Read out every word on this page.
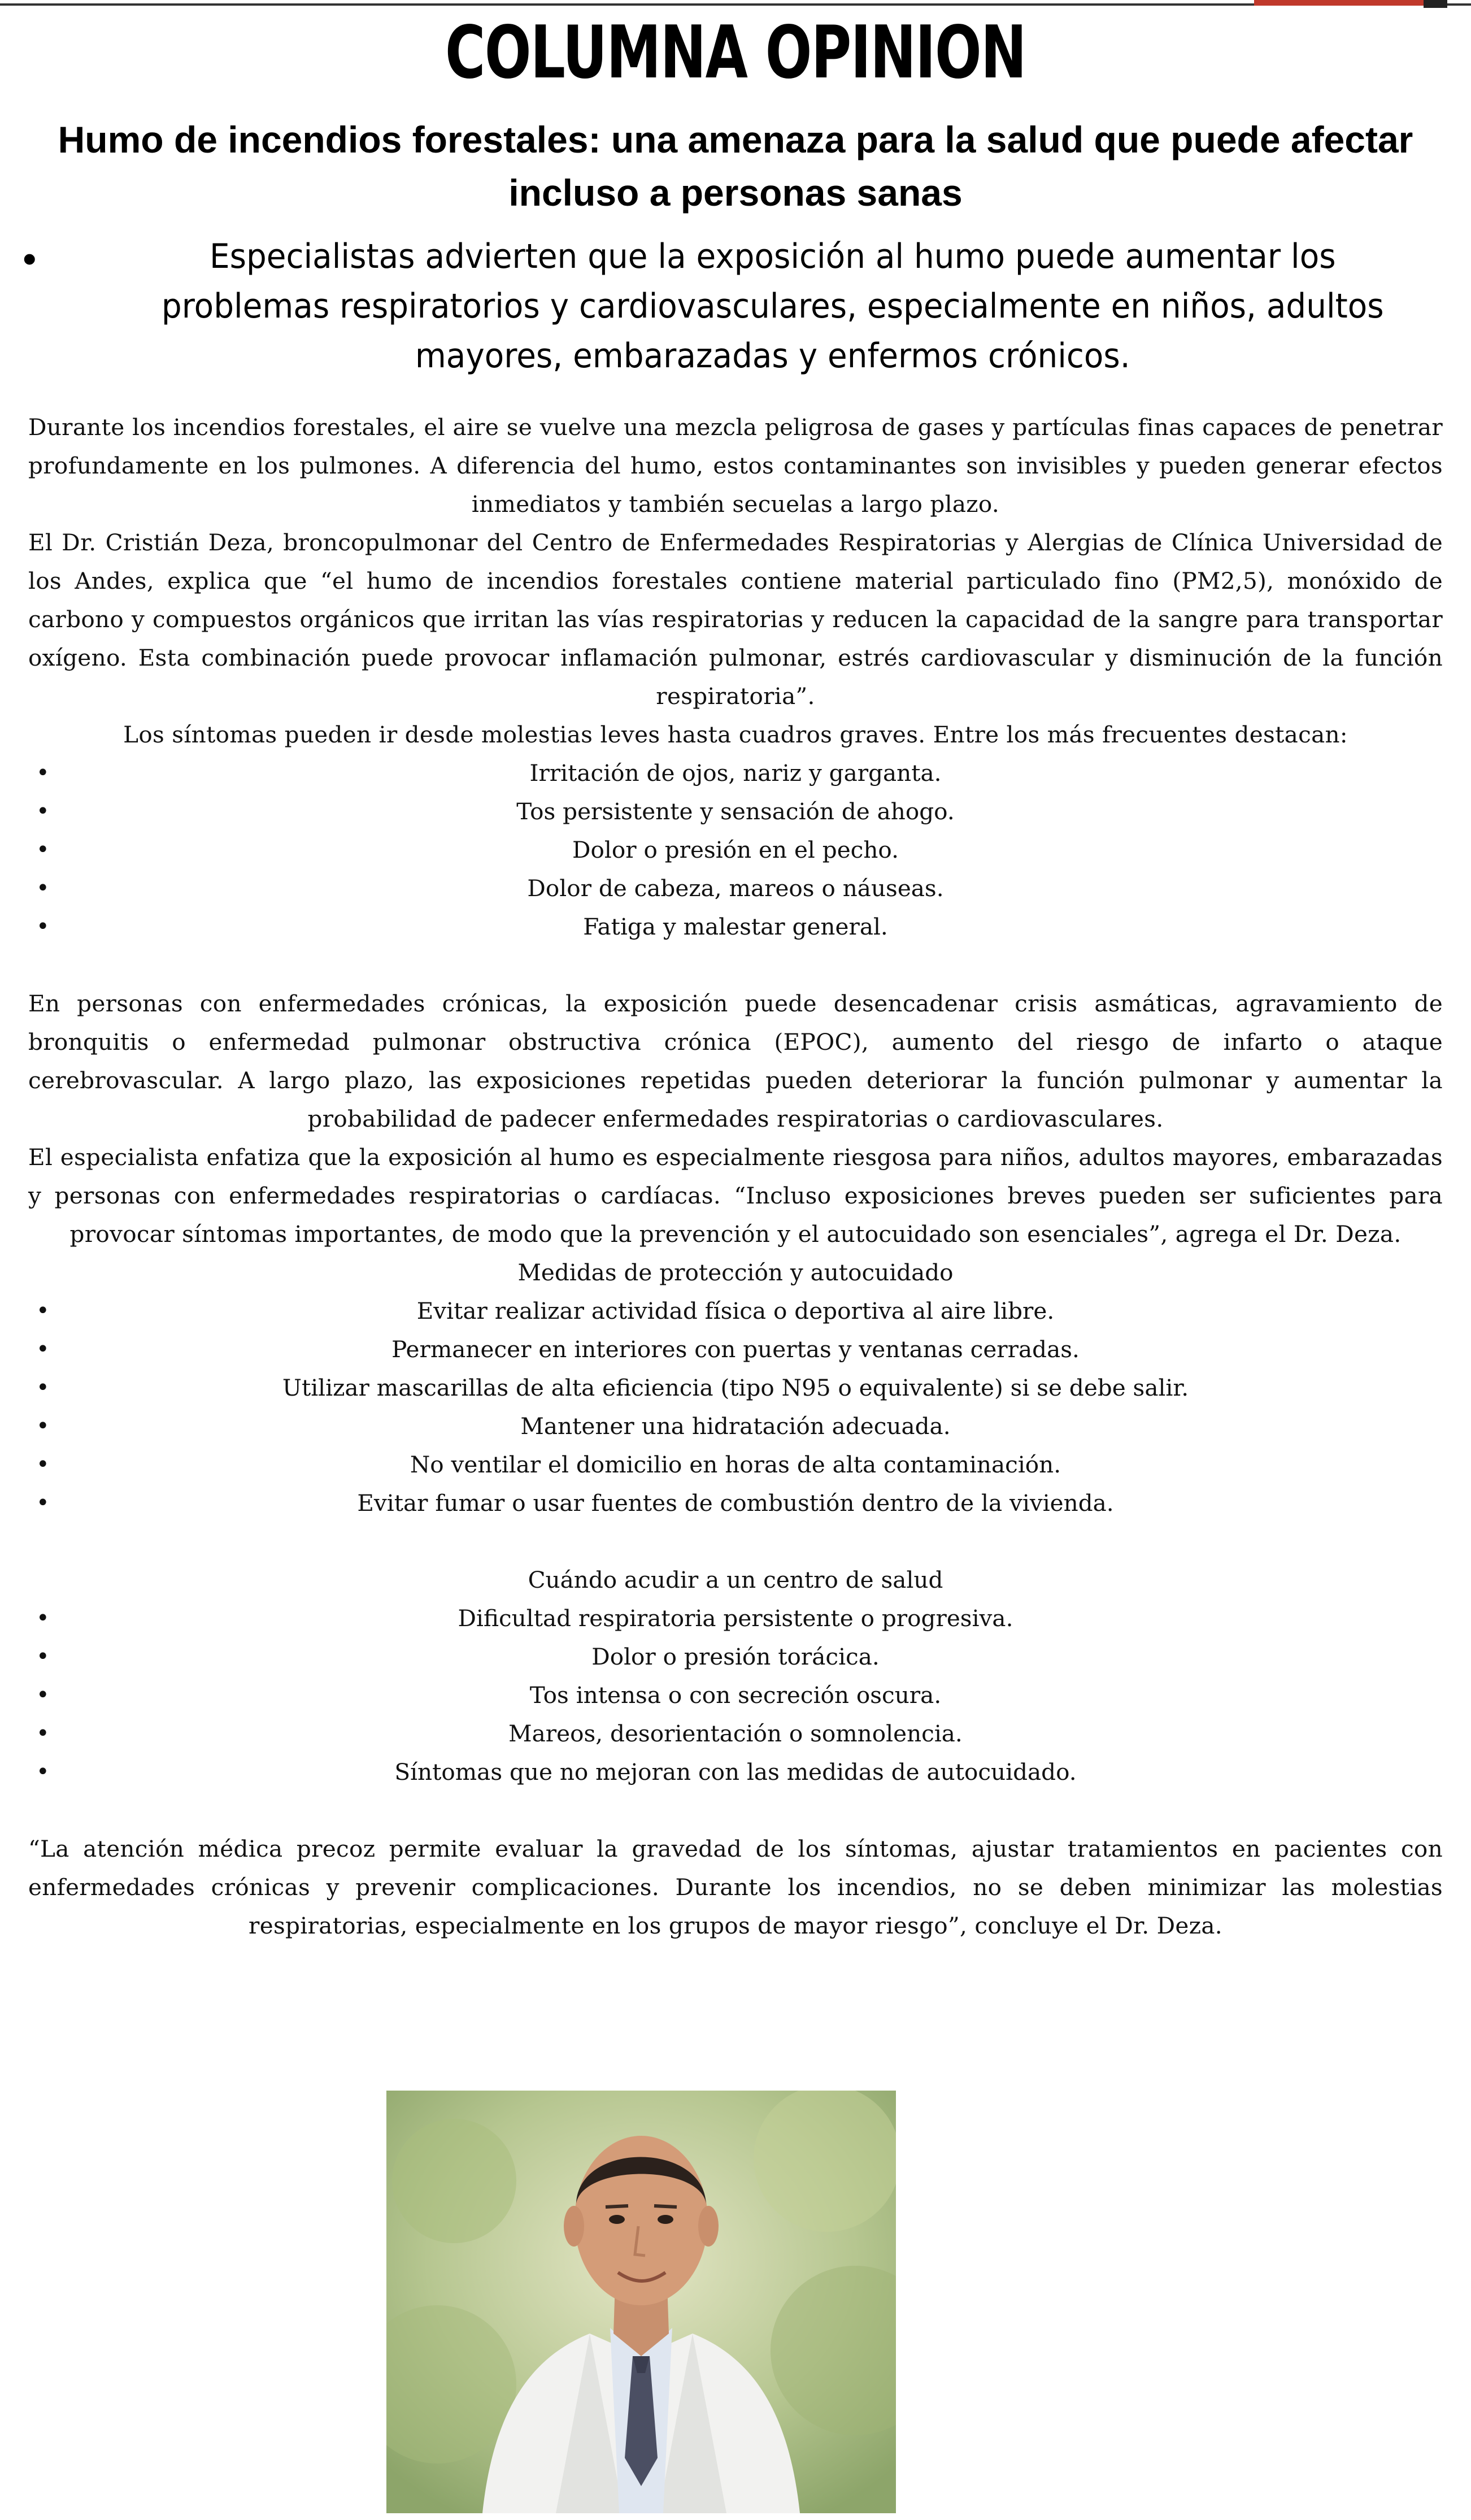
COLUMNA OPINION
Humo de incendios forestales: una amenaza para la salud que puede afectar incluso a personas sanas
•	Especialistas advierten que la exposición al humo puede aumentar los problemas respiratorios y cardiovasculares, especialmente en niños, adultos mayores, embarazadas y enfermos crónicos.

Durante los incendios forestales, el aire se vuelve una mezcla peligrosa de gases y partículas finas capaces de penetrar profundamente en los pulmones. A diferencia del humo, estos contaminantes son invisibles y pueden generar efectos inmediatos y también secuelas a largo plazo.

El Dr. Cristián Deza, broncopulmonar del Centro de Enfermedades Respiratorias y Alergias de Clínica Universidad de los Andes, explica que “el humo de incendios forestales contiene material particulado fino (PM2,5), monóxido de carbono y compuestos orgánicos que irritan las vías respiratorias y reducen la capacidad de la sangre para transportar oxígeno. Esta combinación puede provocar inflamación pulmonar, estrés cardiovascular y disminución de la función respiratoria”.

Los síntomas pueden ir desde molestias leves hasta cuadros graves. Entre los más frecuentes destacan:

•	Irritación de ojos, nariz y garganta.
•	Tos persistente y sensación de ahogo.
•	Dolor o presión en el pecho.
•	Dolor de cabeza, mareos o náuseas.
•	Fatiga y malestar general.

En personas con enfermedades crónicas, la exposición puede desencadenar crisis asmáticas, agravamiento de bronquitis o enfermedad pulmonar obstructiva crónica (EPOC), aumento del riesgo de infarto o ataque cerebrovascular. A largo plazo, las exposiciones repetidas pueden deteriorar la función pulmonar y aumentar la probabilidad de padecer enfermedades respiratorias o cardiovasculares.

El especialista enfatiza que la exposición al humo es especialmente riesgosa para niños, adultos mayores, embarazadas y personas con enfermedades respiratorias o cardíacas. “Incluso exposiciones breves pueden ser suficientes para provocar síntomas importantes, de modo que la prevención y el autocuidado son esenciales”, agrega el Dr. Deza.

Medidas de protección y autocuidado

•	Evitar realizar actividad física o deportiva al aire libre.
•	Permanecer en interiores con puertas y ventanas cerradas.
•	Utilizar mascarillas de alta eficiencia (tipo N95 o equivalente) si se debe salir.
•	Mantener una hidratación adecuada.
•	No ventilar el domicilio en horas de alta contaminación.
•	Evitar fumar o usar fuentes de combustión dentro de la vivienda.

Cuándo acudir a un centro de salud

•	Dificultad respiratoria persistente o progresiva.
•	Dolor o presión torácica.
•	Tos intensa o con secreción oscura.
•	Mareos, desorientación o somnolencia.
•	Síntomas que no mejoran con las medidas de autocuidado.

“La atención médica precoz permite evaluar la gravedad de los síntomas, ajustar tratamientos en pacientes con enfermedades crónicas y prevenir complicaciones. Durante los incendios, no se deben minimizar las molestias respiratorias, especialmente en los grupos de mayor riesgo”, concluye el Dr. Deza.
